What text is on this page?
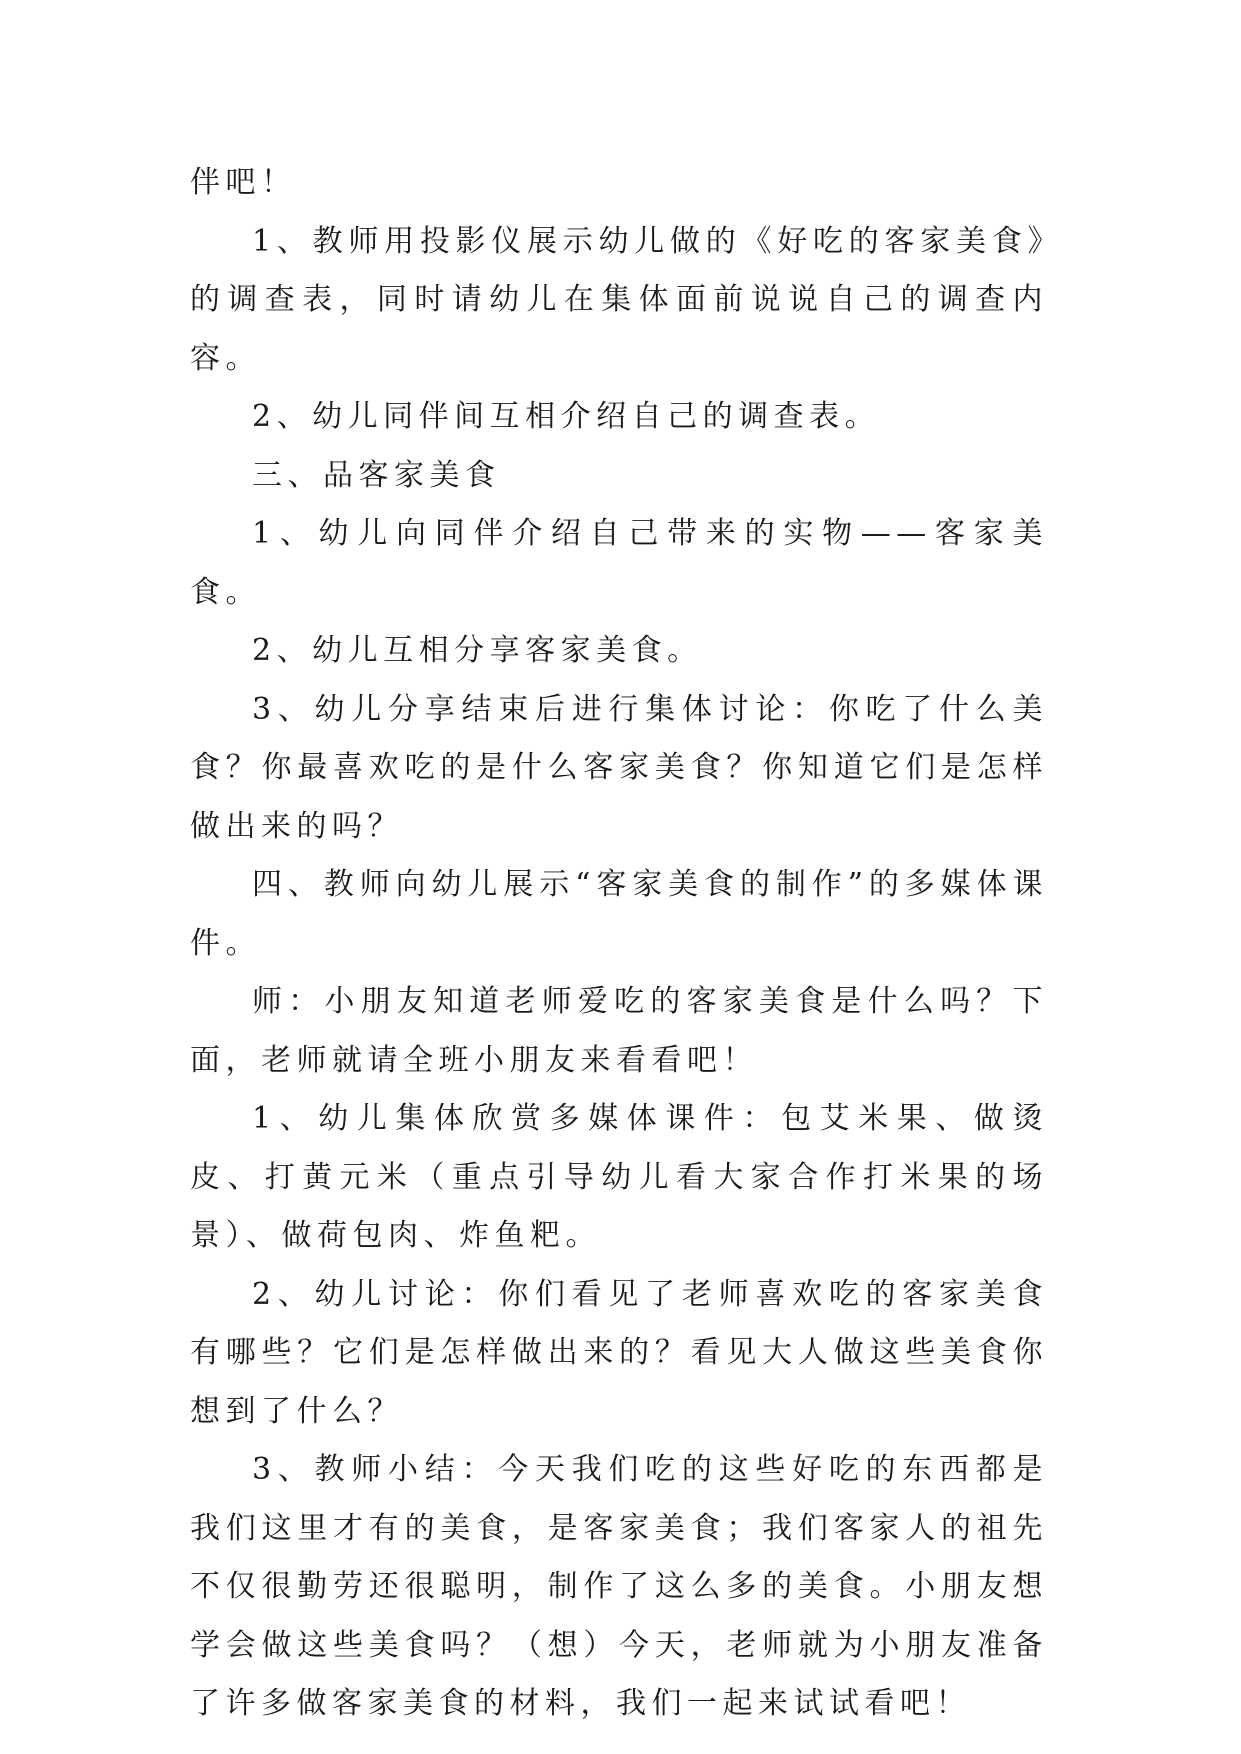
伴吧！

1、教师用投影仪展示幼儿做的《好吃的客家美食》的调查表，同时请幼儿在集体面前说说自己的调查内容。

2、幼儿同伴间互相介绍自己的调查表。

三、品客家美食

1、幼儿向同伴介绍自己带来的实物——客家美食。

2、幼儿互相分享客家美食。

3、幼儿分享结束后进行集体讨论：你吃了什么美食？你最喜欢吃的是什么客家美食？你知道它们是怎样做出来的吗？

四、教师向幼儿展示“客家美食的制作”的多媒体课件。

师：小朋友知道老师爱吃的客家美食是什么吗？下面，老师就请全班小朋友来看看吧！

1、幼儿集体欣赏多媒体课件：包艾米果、做烫皮、打黄元米（重点引导幼儿看大家合作打米果的场景）、做荷包肉、炸鱼粑。

2、幼儿讨论：你们看见了老师喜欢吃的客家美食有哪些？它们是怎样做出来的？看见大人做这些美食你想到了什么？

3、教师小结：今天我们吃的这些好吃的东西都是我们这里才有的美食，是客家美食；我们客家人的祖先不仅很勤劳还很聪明，制作了这么多的美食。小朋友想学会做这些美食吗？（想）今天，老师就为小朋友准备了许多做客家美食的材料，我们一起来试试看吧！
